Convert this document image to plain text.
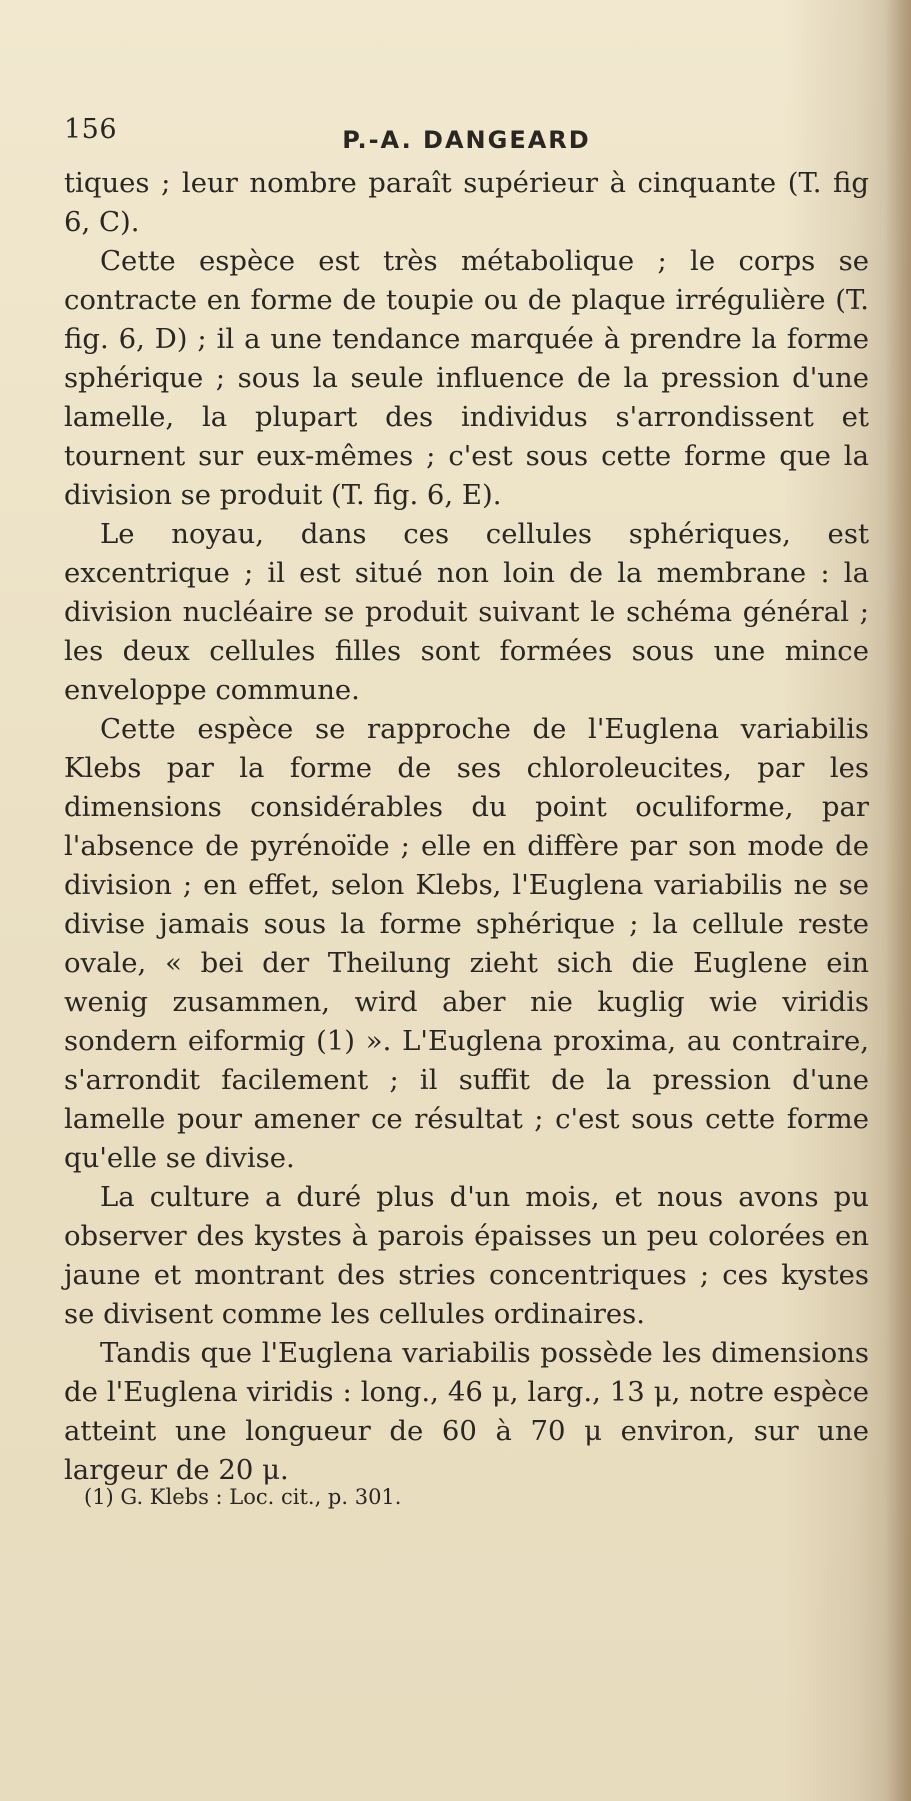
156	P.-A. DANGEARD

tiques ; leur nombre paraît supérieur à cinquante (T. fig 6, C).

Cette espèce est très métabolique ; le corps se contracte en forme de toupie ou de plaque irrégulière (T. fig. 6, D) ; il a une tendance marquée à prendre la forme sphérique ; sous la seule influence de la pression d'une lamelle, la plupart des individus s'arrondissent et tournent sur eux-mêmes ; c'est sous cette forme que la division se produit (T. fig. 6, E).

Le noyau, dans ces cellules sphériques, est excentrique ; il est situé non loin de la membrane : la division nucléaire se produit suivant le schéma général ; les deux cellules filles sont formées sous une mince enveloppe commune.

Cette espèce se rapproche de l'Euglena variabilis Klebs par la forme de ses chloroleucites, par les dimensions considérables du point oculiforme, par l'absence de pyrénoïde ; elle en diffère par son mode de division ; en effet, selon Klebs, l'Euglena variabilis ne se divise jamais sous la forme sphérique ; la cellule reste ovale, « bei der Theilung zieht sich die Euglene ein wenig zusammen, wird aber nie kuglig wie viridis sondern eiformig (1) ». L'Euglena proxima, au contraire, s'arrondit facilement ; il suffit de la pression d'une lamelle pour amener ce résultat ; c'est sous cette forme qu'elle se divise.

La culture a duré plus d'un mois, et nous avons pu observer des kystes à parois épaisses un peu colorées en jaune et montrant des stries concentriques ; ces kystes se divisent comme les cellules ordinaires.

Tandis que l'Euglena variabilis possède les dimensions de l'Euglena viridis : long., 46 μ, larg., 13 μ, notre espèce atteint une longueur de 60 à 70 μ environ, sur une largeur de 20 μ.

(1) G. Klebs : Loc. cit., p. 301.
